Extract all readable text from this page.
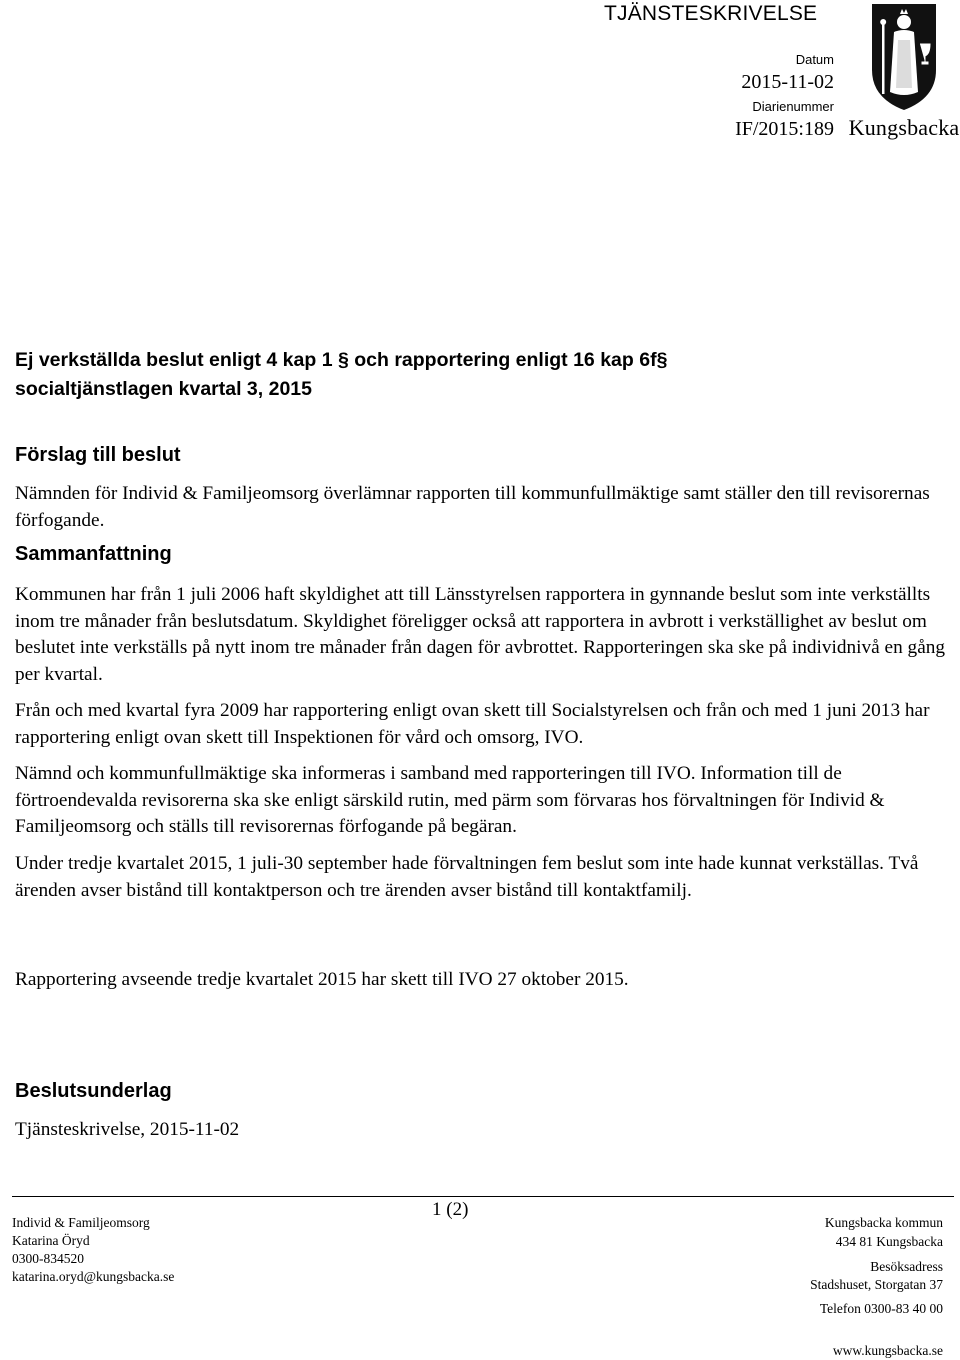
TJÄNSTESKRIVELSE
Datum
2015-11-02
Diarienummer
IF/2015:189 Kungsbacka
Ej verkställda beslut enligt 4 kap 1 § och rapportering enligt 16 kap 6f§
socialtjänstlagen kvartal 3, 2015
Förslag till beslut

Nämnden för Individ & Familjeomsorg överlämnar rapporten till kommunfullmäktige samt ställer den till revisorernas förfogande.

Sammanfattning

Kommunen har från 1 juli 2006 haft skyldighet att till Länsstyrelsen rapportera in gynnande beslut som inte verkställts inom tre månader från beslutsdatum. Skyldighet föreligger också att rapportera in avbrott i verkställighet av beslut om beslutet inte verkställs på nytt inom tre månader från dagen för avbrottet. Rapporteringen ska ske på individnivå en gång per kvartal.

Från och med kvartal fyra 2009 har rapportering enligt ovan skett till Socialstyrelsen och från och med 1 juni 2013 har rapportering enligt ovan skett till Inspektionen för vård och omsorg, IVO.

Nämnd och kommunfullmäktige ska informeras i samband med rapporteringen till IVO. Information till de förtroendevalda revisorerna ska ske enligt särskild rutin, med pärm som förvaras hos förvaltningen för Individ & Familjeomsorg och ställs till revisorernas förfogande på begäran.

Under tredje kvartalet 2015, 1 juli-30 september hade förvaltningen fem beslut som inte hade kunnat verkställas. Två ärenden avser bistånd till kontaktperson och tre ärenden avser bistånd till kontaktfamilj.

Rapportering avseende tredje kvartalet 2015 har skett till IVO 27 oktober 2015.

Beslutsunderlag

Tjänsteskrivelse, 2015-11-02

Individ & Familjeomsorg
Katarina Öryd
0300-834520
katarina.oryd@kungsbacka.se
1 (2)
Kungsbacka kommun
434 81 Kungsbacka
Besöksadress
Stadshuset, Storgatan 37
Telefon 0300-83 40 00
www.kungsbacka.se
